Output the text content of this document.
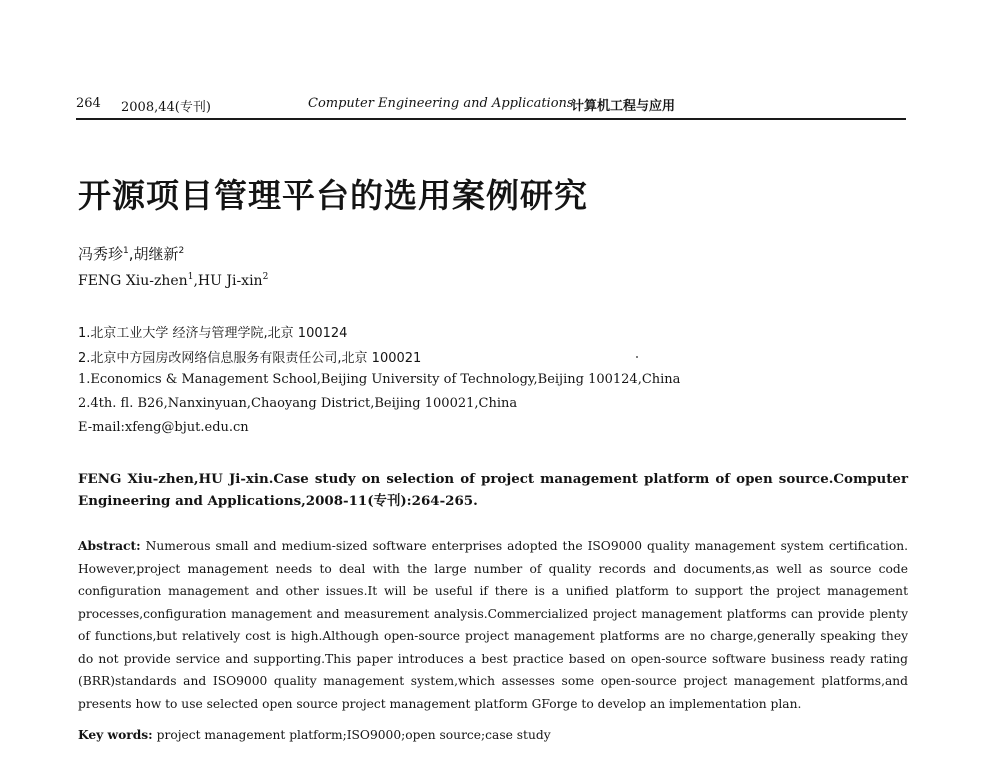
264 2008,44(专刊)	Computer Engineering and Applications
计算机工程与应用
开源项目管理平台的选用案例研究
冯秀珍$^1$,胡继新$^2$
FENG Xiu-zhen$^1$,HU Ji-xin$^2$
1.北京工业大学 经济与管理学院,北京 100124
2.北京中方园房改网络信息服务有限责任公司,北京 100021
1.Economics & Management School,Beijing University of Technology,Beijing 100124,China
2.4th. fl. B26,Nanxinyuan,Chaoyang District,Beijing 100021,China
E-mail:xfeng@bjut.edu.cn
FENG Xiu-zhen,HU Ji-xin.Case study on selection of project management platform of open source.Computer Engineering and Applications,2008-11(专刊):264-265.
Abstract: Numerous small and medium-sized software enterprises adopted the ISO9000 quality management system certification. However,project management needs to deal with the large number of quality records and documents,as well as source code configuration management and other issues.It will be useful if there is a unified platform to support the project management processes,configuration management and measurement analysis.Commercialized project management platforms can provide plenty of functions,but relatively cost is high.Although open-source project management platforms are no charge,generally speaking they do not provide service and supporting.This paper introduces a best practice based on open-source software business ready rating (BRR)standards and ISO9000 quality management system,which assesses some open-source project management platforms,and presents how to use selected open source project management platform GForge to develop an implementation plan.
Key words: project management platform;ISO9000;open source;case study
